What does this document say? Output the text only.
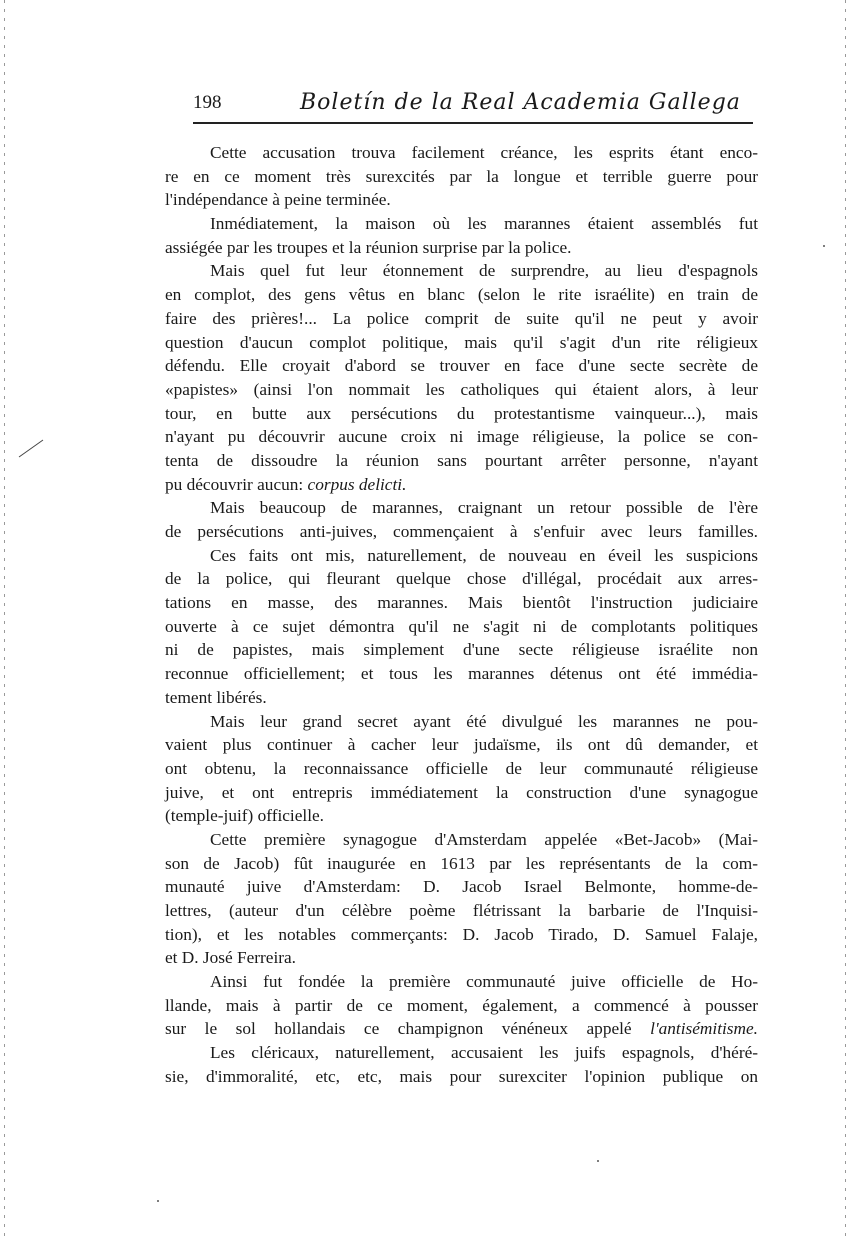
198	Boletín de la Real Academia Gallega
Cette accusation trouva facilement créance, les esprits étant enco-
re en ce moment très surexcités par la longue et terrible guerre pour
l'indépendance à peine terminée.
Inmédiatement, la maison où les marannes étaient assemblés fut
assiégée par les troupes et la réunion surprise par la police.
Mais quel fut leur étonnement de surprendre, au lieu d'espagnols
en complot, des gens vêtus en blanc (selon le rite israélite) en train de
faire des prières!... La police comprit de suite qu'il ne peut y avoir
question d'aucun complot politique, mais qu'il s'agit d'un rite réligieux
défendu. Elle croyait d'abord se trouver en face d'une secte secrète de
«papistes» (ainsi l'on nommait les catholiques qui étaient alors, à leur
tour, en butte aux persécutions du protestantisme vainqueur...), mais
n'ayant pu découvrir aucune croix ni image réligieuse, la police se con-
tenta de dissoudre la réunion sans pourtant arrêter personne, n'ayant
pu découvrir aucun: corpus delicti.
Mais beaucoup de marannes, craignant un retour possible de l'ère
de persécutions anti-juives, commençaient à s'enfuir avec leurs familles.
Ces faits ont mis, naturellement, de nouveau en éveil les suspicions
de la police, qui fleurant quelque chose d'illégal, procédait aux arres-
tations en masse, des marannes. Mais bientôt l'instruction judiciaire
ouverte à ce sujet démontra qu'il ne s'agit ni de complotants politiques
ni de papistes, mais simplement d'une secte réligieuse israélite non
reconnue officiellement; et tous les marannes détenus ont été immédia-
tement libérés.
Mais leur grand secret ayant été divulgué les marannes ne pou-
vaient plus continuer à cacher leur judaïsme, ils ont dû demander, et
ont obtenu, la reconnaissance officielle de leur communauté réligieuse
juive, et ont entrepris immédiatement la construction d'une synagogue
(temple-juif) officielle.
Cette première synagogue d'Amsterdam appelée «Bet-Jacob» (Mai-
son de Jacob) fût inaugurée en 1613 par les représentants de la com-
munauté juive d'Amsterdam: D. Jacob Israel Belmonte, homme-de-
lettres, (auteur d'un célèbre poème flétrissant la barbarie de l'Inquisi-
tion), et les notables commerçants: D. Jacob Tirado, D. Samuel Falaje,
et D. José Ferreira.
Ainsi fut fondée la première communauté juive officielle de Ho-
llande, mais à partir de ce moment, également, a commencé à pousser
sur le sol hollandais ce champignon vénéneux appelé l'antisémitisme.
Les cléricaux, naturellement, accusaient les juifs espagnols, d'héré-
sie, d'immoralité, etc, etc, mais pour surexciter l'opinion publique on
